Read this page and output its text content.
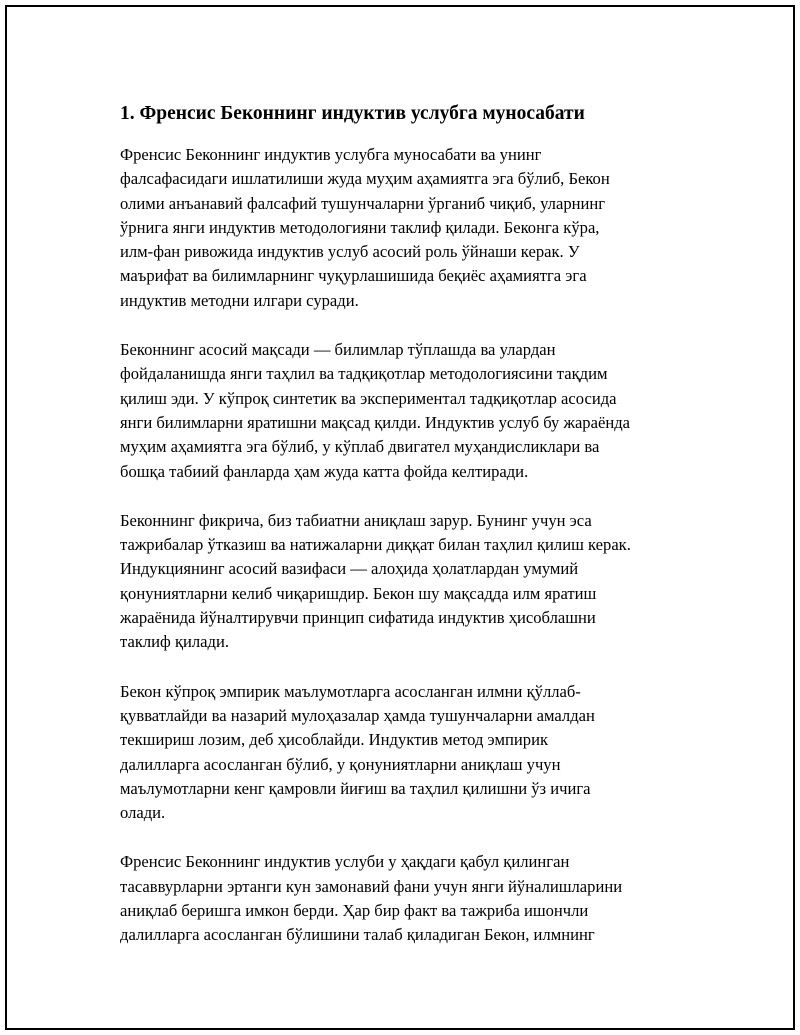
1. Френсис Беконнинг индуктив услубга муносабати

Френсис Беконнинг индуктив услубга муносабати ва унинг
фалсафасидаги ишлатилиши жуда муҳим аҳамиятга эга бўлиб, Бекон
олими анъанавий фалсафий тушунчаларни ўрганиб чиқиб, уларнинг
ўрнига янги индуктив методологияни таклиф қилади. Беконга кўра,
илм-фан ривожида индуктив услуб асосий роль ўйнаши керак. У
маърифат ва билимларнинг чуқурлашишида беқиёс аҳамиятга эга
индуктив методни илгари суради.

Беконнинг асосий мақсади — билимлар тўплашда ва улардан
фойдаланишда янги таҳлил ва тадқиқотлар методологиясини тақдим
қилиш эди. У кўпроқ синтетик ва экспериментал тадқиқотлар асосида
янги билимларни яратишни мақсад қилди. Индуктив услуб бу жараёнда
муҳим аҳамиятга эга бўлиб, у кўплаб двигател муҳандисликлари ва
бошқа табиий фанларда ҳам жуда катта фойда келтиради.

Беконнинг фикрича, биз табиатни аниқлаш зарур. Бунинг учун эса
тажрибалар ўтказиш ва натижаларни диққат билан таҳлил қилиш керак.
Индукциянинг асосий вазифаси — алоҳида ҳолатлардан умумий
қонуниятларни келиб чиқаришдир. Бекон шу мақсадда илм яратиш
жараёнида йўналтирувчи принцип сифатида индуктив ҳисоблашни
таклиф қилади.

Бекон кўпроқ эмпирик маълумотларга асосланган илмни қўллаб-
қувватлайди ва назарий мулоҳазалар ҳамда тушунчаларни амалдан
текшириш лозим, деб ҳисоблайди. Индуктив метод эмпирик
далилларга асосланган бўлиб, у қонуниятларни аниқлаш учун
маълумотларни кенг қамровли йиғиш ва таҳлил қилишни ўз ичига
олади.

Френсис Беконнинг индуктив услуби у ҳақдаги қабул қилинган
тасаввурларни эртанги кун замонавий фани учун янги йўналишларини
аниқлаб беришга имкон берди. Ҳар бир факт ва тажриба ишончли
далилларга асосланган бўлишини талаб қиладиган Бекон, илмнинг
